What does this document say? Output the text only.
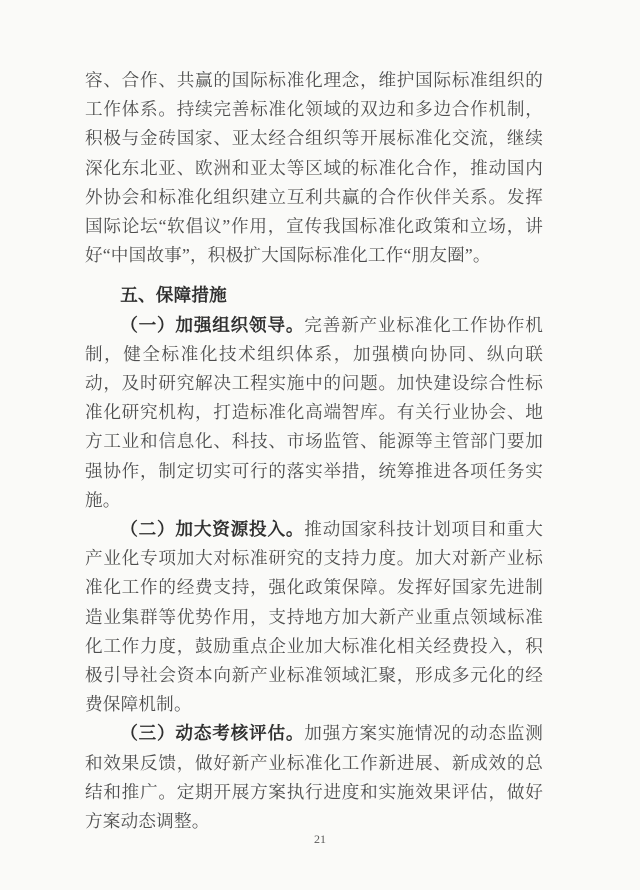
容、合作、共赢的国际标准化理念，维护国际标准组织的工作体系。持续完善标准化领域的双边和多边合作机制，积极与金砖国家、亚太经合组织等开展标准化交流，继续深化东北亚、欧洲和亚太等区域的标准化合作，推动国内外协会和标准化组织建立互利共赢的合作伙伴关系。发挥国际论坛“软倡议”作用，宣传我国标准化政策和立场，讲好“中国故事”，积极扩大国际标准化工作“朋友圈”。

五、保障措施

（一）加强组织领导。完善新产业标准化工作协作机制，健全标准化技术组织体系，加强横向协同、纵向联动，及时研究解决工程实施中的问题。加快建设综合性标准化研究机构，打造标准化高端智库。有关行业协会、地方工业和信息化、科技、市场监管、能源等主管部门要加强协作，制定切实可行的落实举措，统筹推进各项任务实施。

（二）加大资源投入。推动国家科技计划项目和重大产业化专项加大对标准研究的支持力度。加大对新产业标准化工作的经费支持，强化政策保障。发挥好国家先进制造业集群等优势作用，支持地方加大新产业重点领域标准化工作力度，鼓励重点企业加大标准化相关经费投入，积极引导社会资本向新产业标准领域汇聚，形成多元化的经费保障机制。

（三）动态考核评估。加强方案实施情况的动态监测和效果反馈，做好新产业标准化工作新进展、新成效的总结和推广。定期开展方案执行进度和实施效果评估，做好方案动态调整。

21
